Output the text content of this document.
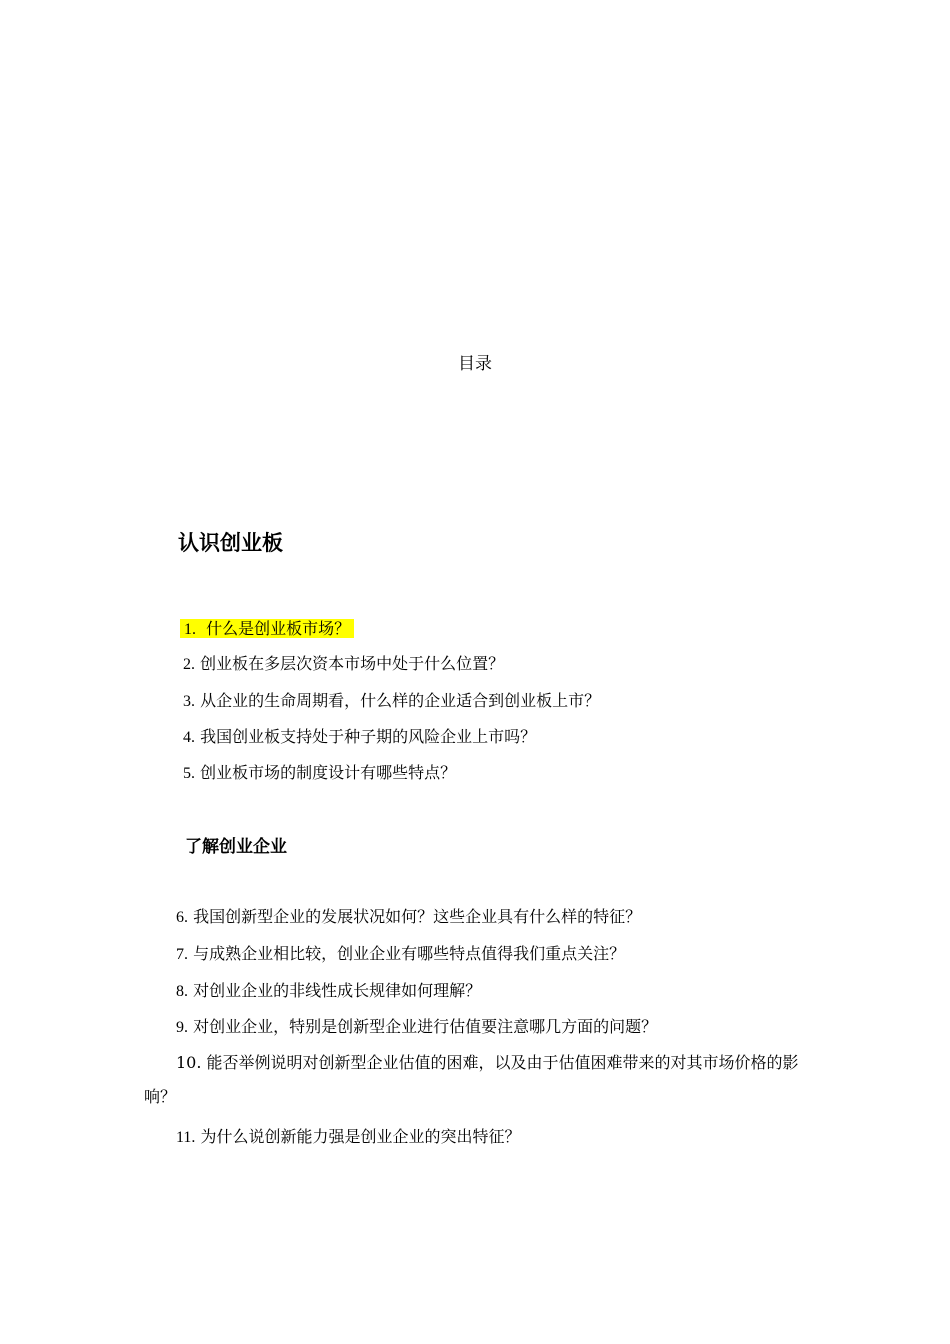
目录
认识创业板
1. 什么是创业板市场？
2. 创业板在多层次资本市场中处于什么位置？
3. 从企业的生命周期看，什么样的企业适合到创业板上市？
4. 我国创业板支持处于种子期的风险企业上市吗？
5. 创业板市场的制度设计有哪些特点？
了解创业企业
6. 我国创新型企业的发展状况如何？这些企业具有什么样的特征？
7. 与成熟企业相比较，创业企业有哪些特点值得我们重点关注？
8. 对创业企业的非线性成长规律如何理解？
9. 对创业企业，特别是创新型企业进行估值要注意哪几方面的问题？
10. 能否举例说明对创新型企业估值的困难，以及由于估值困难带来的对其市场价格的影响？
11. 为什么说创新能力强是创业企业的突出特征？
